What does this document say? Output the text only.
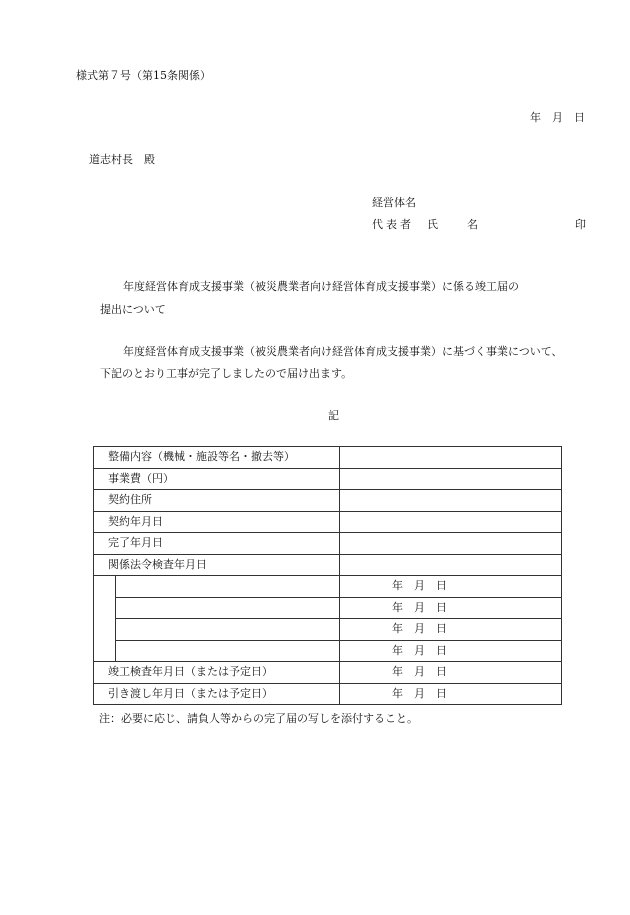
様式第７号（第15条関係）
年　月　日
道志村長　殿
経営体名
代表者 氏	名	印
年度経営体育成支援事業（被災農業者向け経営体育成支援事業）に係る竣工届の
提出について
年度経営体育成支援事業（被災農業者向け経営体育成支援事業）に基づく事業について、
下記のとおり工事が完了しましたので届け出ます。
記
整備内容（機械・施設等名・撤去等）		
事業費（円）		
契約住所		
契約年月日		
完了年月日		
関係法令検査年月日		
		年　月　日
		年　月　日
		年　月　日
		年　月　日
竣工検査年月日（または予定日）		年　月　日
引き渡し年月日（または予定日）		年　月　日
注：必要に応じ、請負人等からの完了届の写しを添付すること。
